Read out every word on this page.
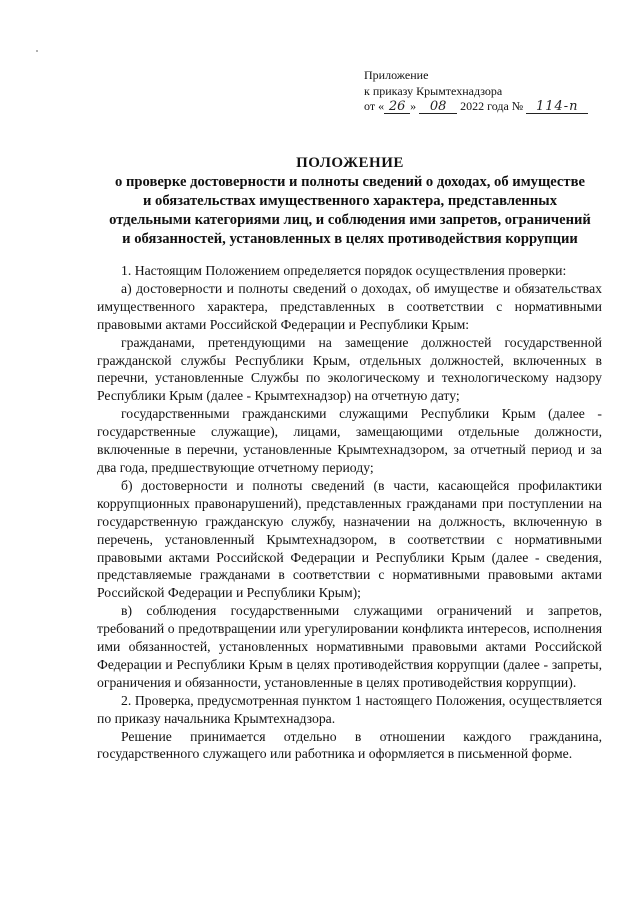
Приложение
к приказу Крымтехнадзора
от « 26 » 08 2022 года № 114-п
ПОЛОЖЕНИЕ
о проверке достоверности и полноты сведений о доходах, об имуществе
и обязательствах имущественного характера, представленных
отдельными категориями лиц, и соблюдения ими запретов, ограничений
и обязанностей, установленных в целях противодействия коррупции

1. Настоящим Положением определяется порядок осуществления проверки:

а) достоверности и полноты сведений о доходах, об имуществе и обязательствах имущественного характера, представленных в соответствии с нормативными правовыми актами Российской Федерации и Республики Крым:

гражданами, претендующими на замещение должностей государственной гражданской службы Республики Крым, отдельных должностей, включенных в перечни, установленные Службы по экологическому и технологическому надзору Республики Крым (далее - Крымтехнадзор) на отчетную дату;

государственными гражданскими служащими Республики Крым (далее - государственные служащие), лицами, замещающими отдельные должности, включенные в перечни, установленные Крымтехнадзором, за отчетный период и за два года, предшествующие отчетному периоду;

б) достоверности и полноты сведений (в части, касающейся профилактики коррупционных правонарушений), представленных гражданами при поступлении на государственную гражданскую службу, назначении на должность, включенную в перечень, установленный Крымтехнадзором, в соответствии с нормативными правовыми актами Российской Федерации и Республики Крым (далее - сведения, представляемые гражданами в соответствии с нормативными правовыми актами Российской Федерации и Республики Крым);

в) соблюдения государственными служащими ограничений и запретов, требований о предотвращении или урегулировании конфликта интересов, исполнения ими обязанностей, установленных нормативными правовыми актами Российской Федерации и Республики Крым в целях противодействия коррупции (далее - запреты, ограничения и обязанности, установленные в целях противодействия коррупции).

2. Проверка, предусмотренная пунктом 1 настоящего Положения, осуществляется по приказу начальника Крымтехнадзора.

Решение принимается отдельно в отношении каждого гражданина, государственного служащего или работника и оформляется в письменной форме.
